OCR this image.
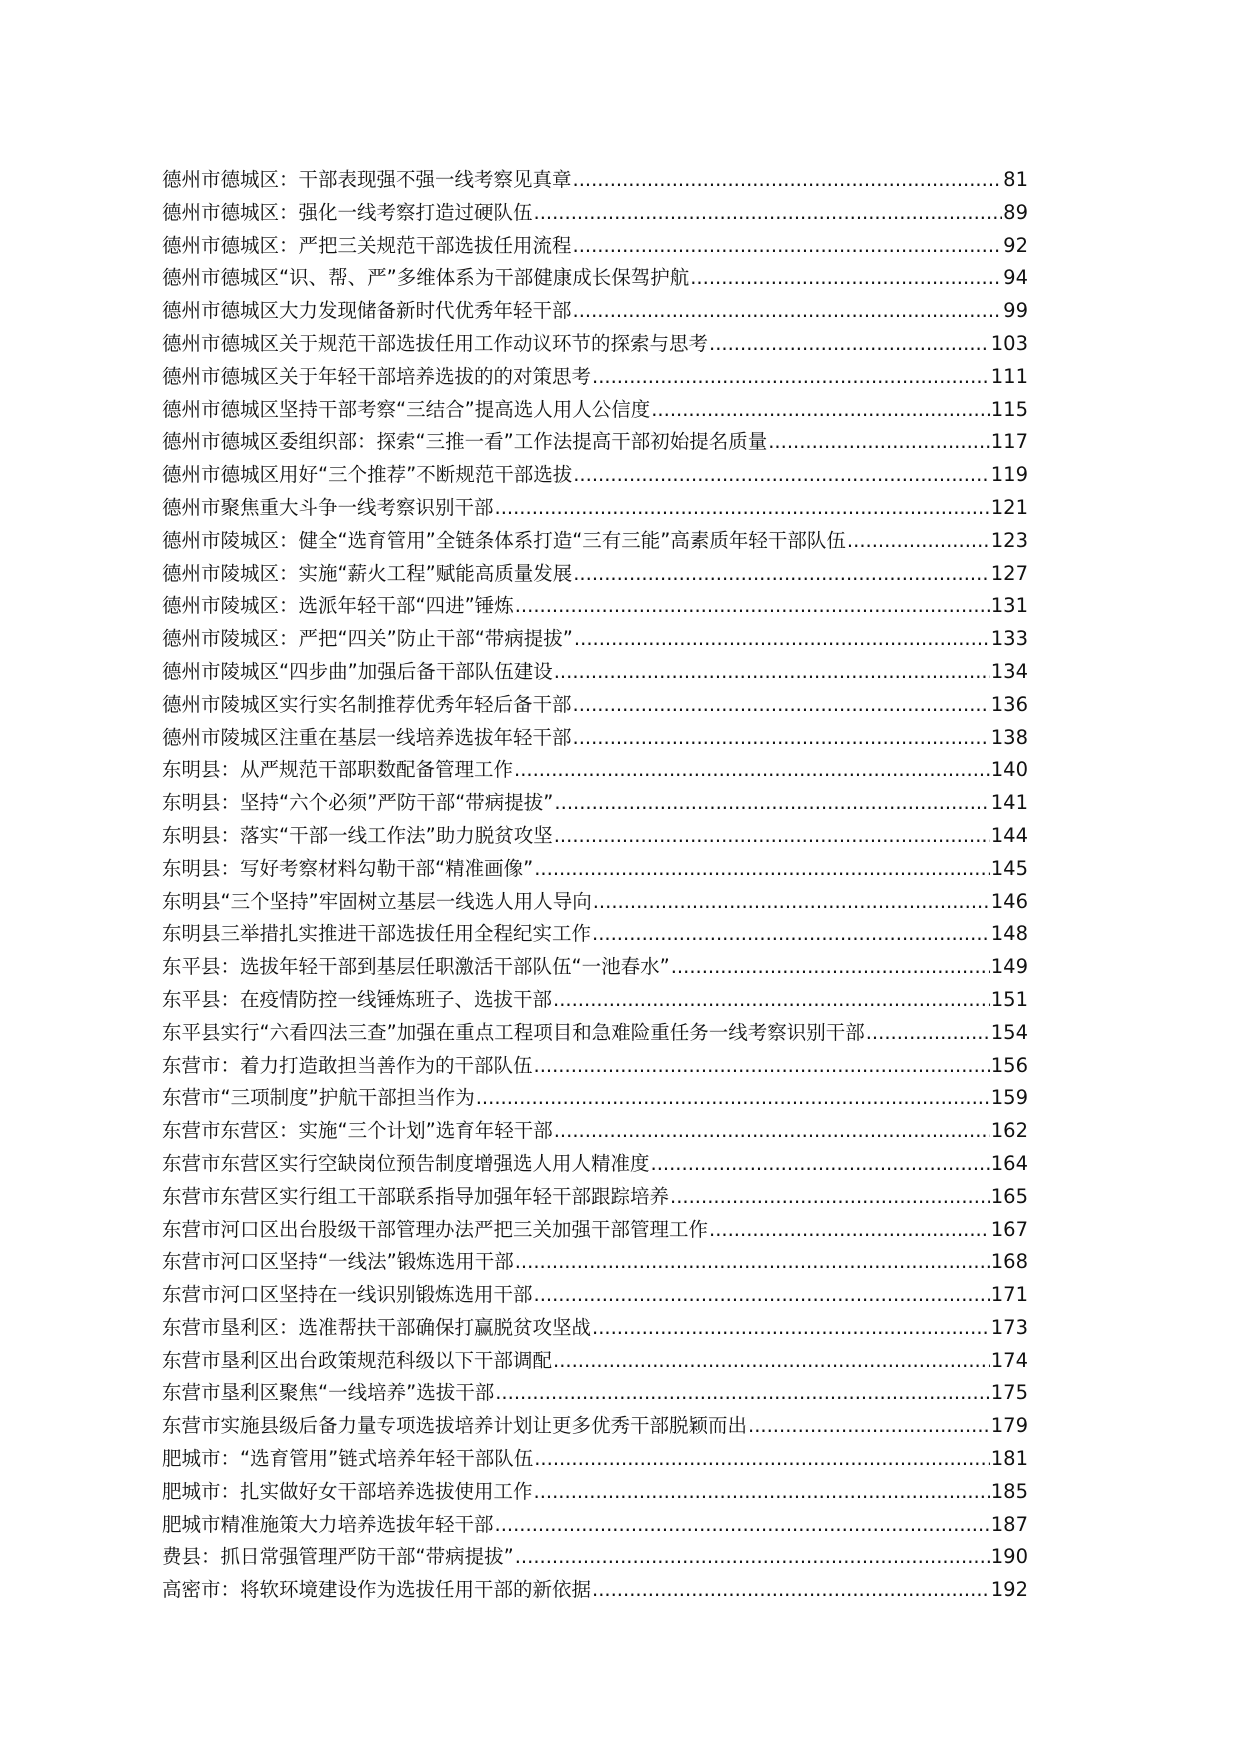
德州市德城区：干部表现强不强一线考察见真章 .....	81
德州市德城区：强化一线考察打造过硬队伍 .....	89
德州市德城区：严把三关规范干部选拔任用流程 .....	92
德州市德城区“识、帮、严”多维体系为干部健康成长保驾护航 .....	94
德州市德城区大力发现储备新时代优秀年轻干部 .....	99
德州市德城区关于规范干部选拔任用工作动议环节的探索与思考 .....	103
德州市德城区关于年轻干部培养选拔的的对策思考 .....	111
德州市德城区坚持干部考察“三结合”提高选人用人公信度 .....	115
德州市德城区委组织部：探索“三推一看”工作法提高干部初始提名质量 .....	117
德州市德城区用好“三个推荐”不断规范干部选拔 .....	119
德州市聚焦重大斗争一线考察识别干部 .....	121
德州市陵城区：健全“选育管用”全链条体系打造“三有三能”高素质年轻干部队伍 .....	123
德州市陵城区：实施“薪火工程”赋能高质量发展 .....	127
德州市陵城区：选派年轻干部“四进”锤炼 .....	131
德州市陵城区：严把“四关”防止干部“带病提拔” .....	133
德州市陵城区“四步曲”加强后备干部队伍建设 .....	134
德州市陵城区实行实名制推荐优秀年轻后备干部 .....	136
德州市陵城区注重在基层一线培养选拔年轻干部 .....	138
东明县：从严规范干部职数配备管理工作 .....	140
东明县：坚持“六个必须”严防干部“带病提拔” .....	141
东明县：落实“干部一线工作法”助力脱贫攻坚 .....	144
东明县：写好考察材料勾勒干部“精准画像” .....	145
东明县“三个坚持”牢固树立基层一线选人用人导向 .....	146
东明县三举措扎实推进干部选拔任用全程纪实工作 .....	148
东平县：选拔年轻干部到基层任职激活干部队伍“一池春水” .....	149
东平县：在疫情防控一线锤炼班子、选拔干部 .....	151
东平县实行“六看四法三查”加强在重点工程项目和急难险重任务一线考察识别干部 .....	154
东营市：着力打造敢担当善作为的干部队伍 .....	156
东营市“三项制度”护航干部担当作为 .....	159
东营市东营区：实施“三个计划”选育年轻干部 .....	162
东营市东营区实行空缺岗位预告制度增强选人用人精准度 .....	164
东营市东营区实行组工干部联系指导加强年轻干部跟踪培养 .....	165
东营市河口区出台股级干部管理办法严把三关加强干部管理工作 .....	167
东营市河口区坚持“一线法”锻炼选用干部 .....	168
东营市河口区坚持在一线识别锻炼选用干部 .....	171
东营市垦利区：选准帮扶干部确保打赢脱贫攻坚战 .....	173
东营市垦利区出台政策规范科级以下干部调配 .....	174
东营市垦利区聚焦“一线培养”选拔干部 .....	175
东营市实施县级后备力量专项选拔培养计划让更多优秀干部脱颖而出 .....	179
肥城市：“选育管用”链式培养年轻干部队伍 .....	181
肥城市：扎实做好女干部培养选拔使用工作 .....	185
肥城市精准施策大力培养选拔年轻干部 .....	187
费县：抓日常强管理严防干部“带病提拔” .....	190
高密市：将软环境建设作为选拔任用干部的新依据 .....	192
